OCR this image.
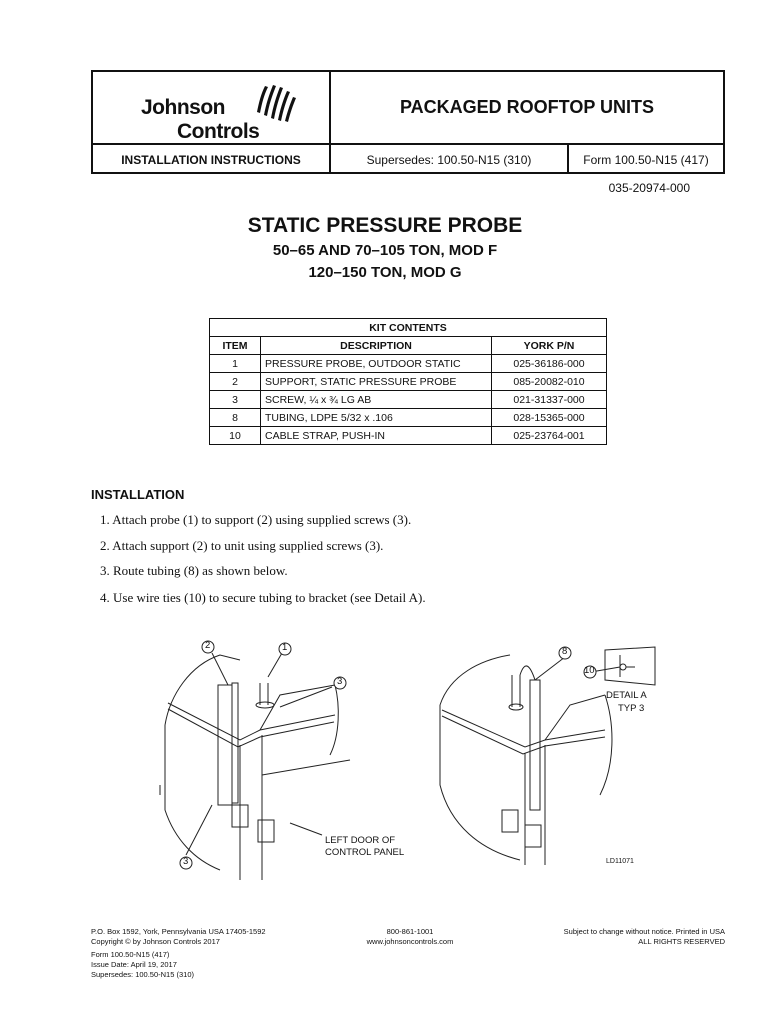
Johnson
Controls
PACKAGED ROOFTOP UNITS
INSTALLATION INSTRUCTIONS	Supersedes: 100.50-N15 (310)	Form 100.50-N15 (417)
035-20974-000
STATIC PRESSURE PROBE
50–65 AND 70–105 TON, MOD F
120–150 TON, MOD G
KIT CONTENTS		
ITEM	DESCRIPTION	YORK P/N
1	PRESSURE PROBE, OUTDOOR STATIC	025-36186-000
2	SUPPORT, STATIC PRESSURE PROBE	085-20082-010
3	SCREW, ¼ x ¾ LG AB	021-31337-000
8	TUBING, LDPE 5/32 x .106	028-15365-000
10	CABLE STRAP, PUSH-IN	025-23764-001
INSTALLATION
1. Attach probe (1) to support (2) using supplied screws (3).
2. Attach support (2) to unit using supplied screws (3).
3. Route tubing (8) as shown below.
4. Use wire ties (10) to secure tubing to bracket (see Detail A).
2	1
3
3
8
10
DETAIL A
TYP 3
LEFT DOOR OF
CONTROL PANEL
LD11071
P.O. Box 1592, York, Pennsylvania USA 17405-1592
Copyright © by Johnson Controls 2017
Form 100.50-N15 (417)
Issue Date: April 19, 2017
Supersedes: 100.50-N15 (310)
800-861-1001
www.johnsoncontrols.com
Subject to change without notice. Printed in USA
ALL RIGHTS RESERVED
